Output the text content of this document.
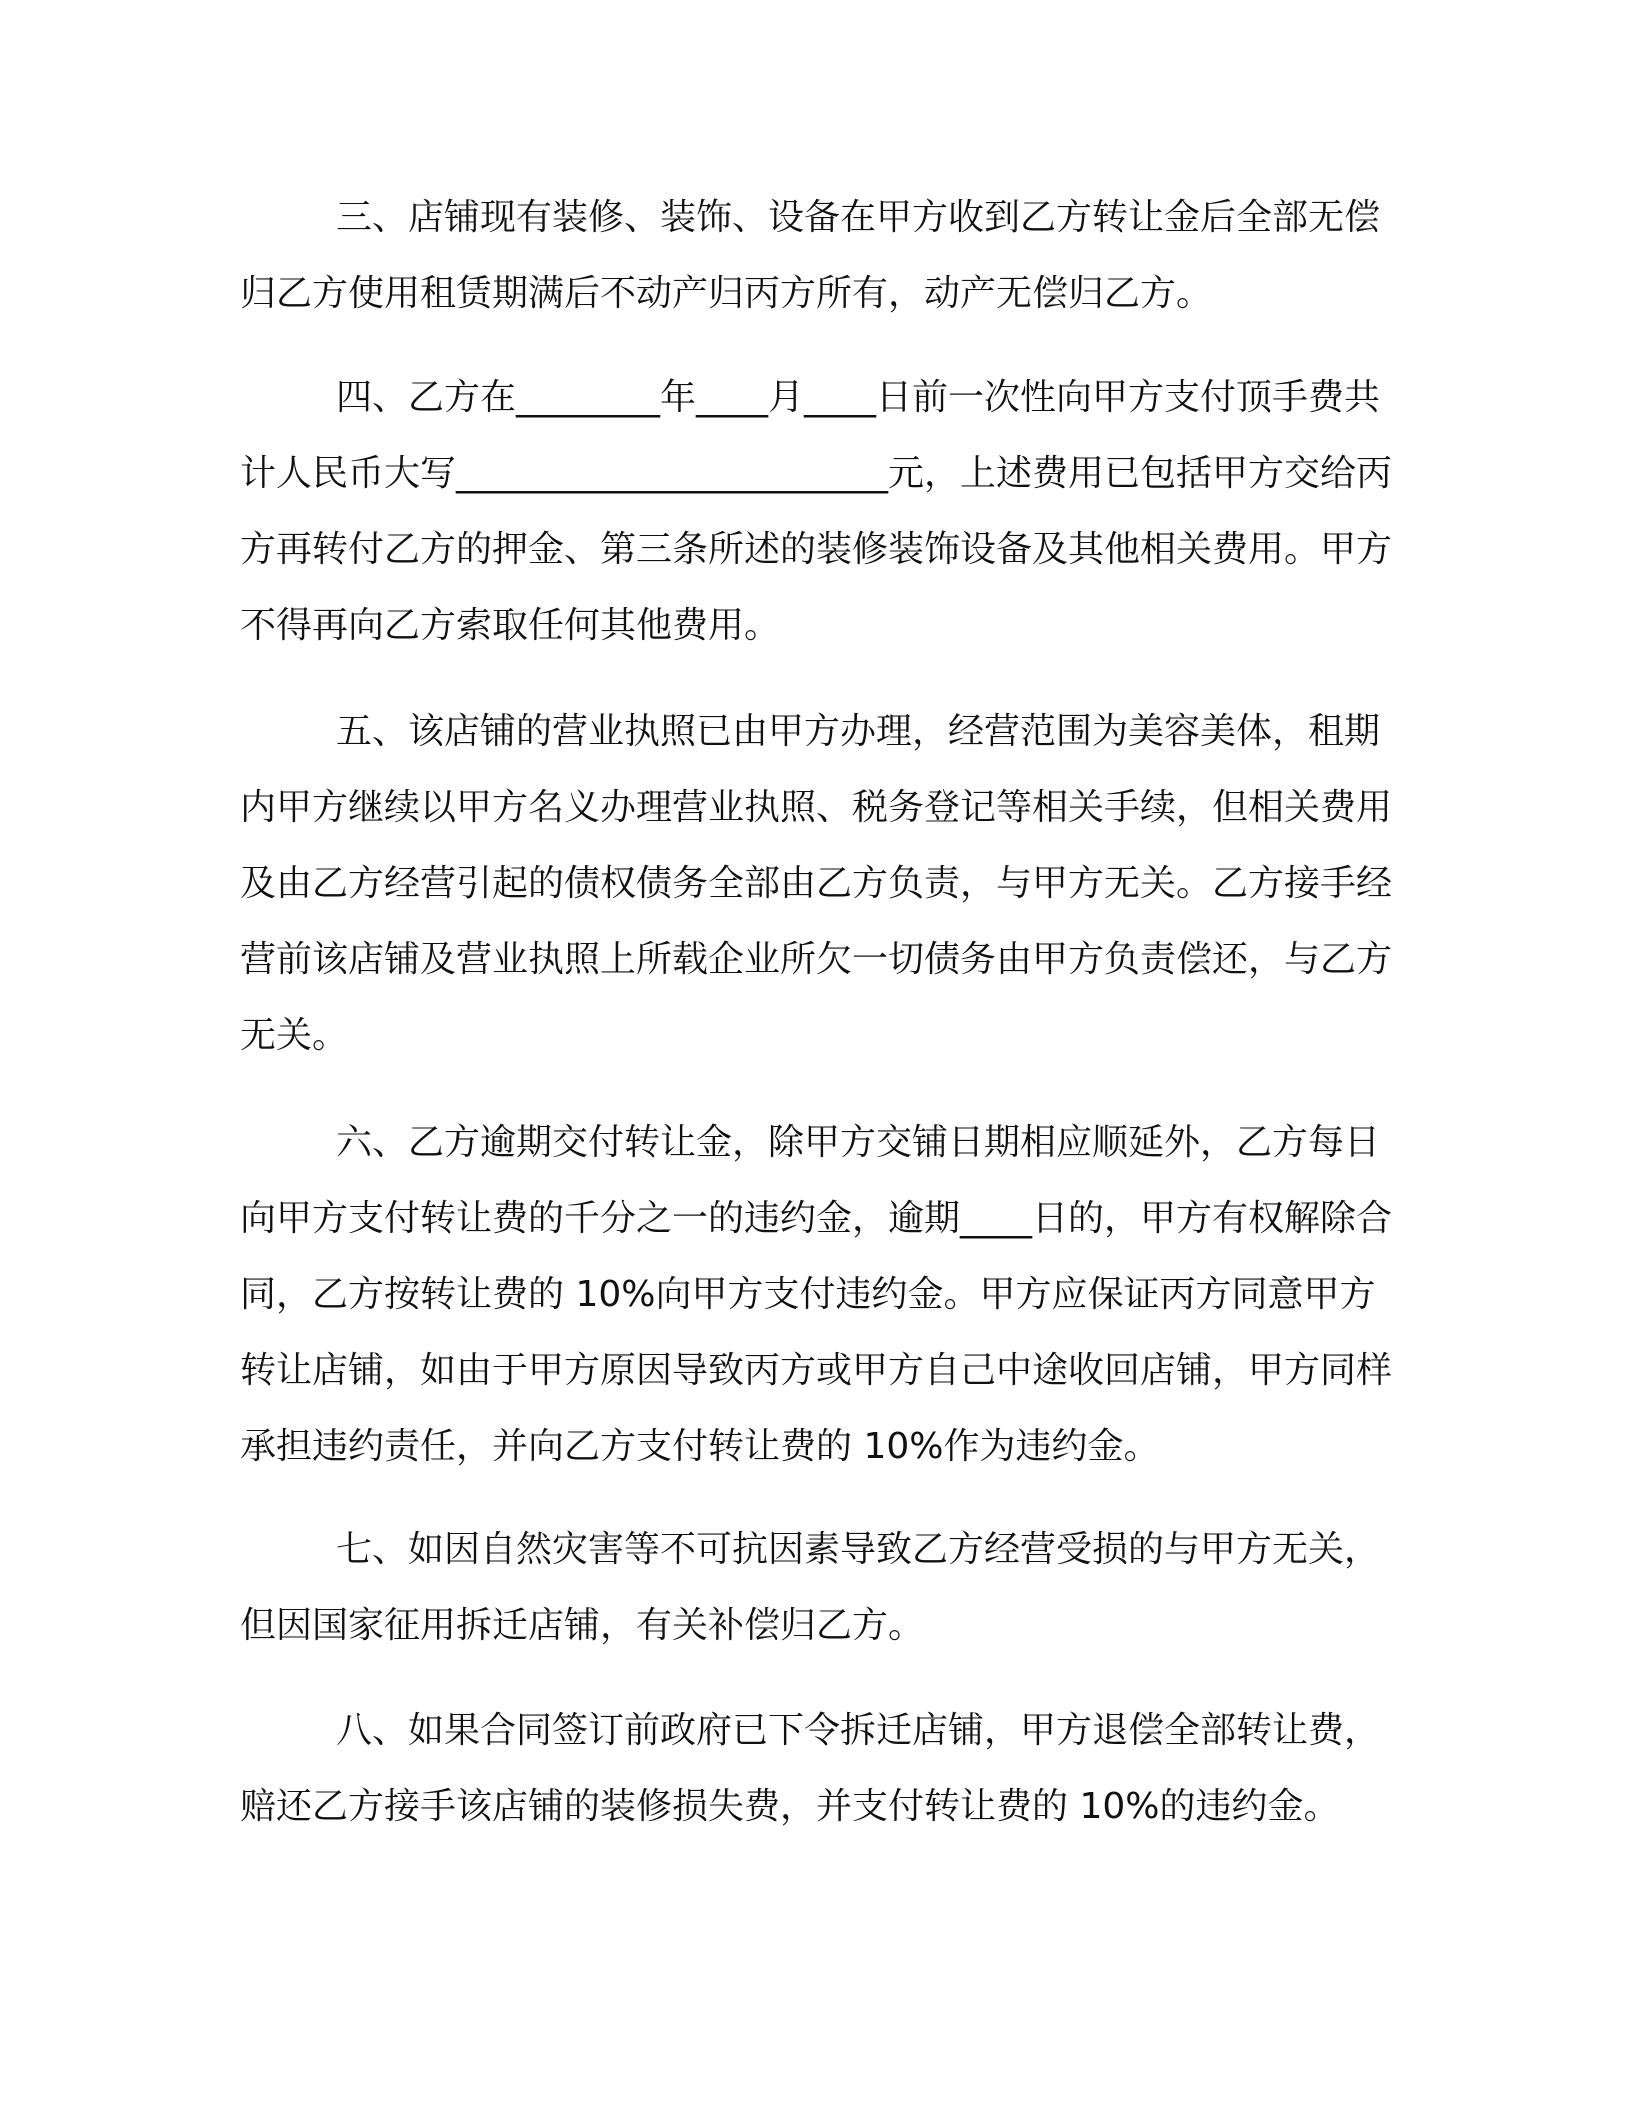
三、店铺现有装修、装饰、设备在甲方收到乙方转让金后全部无偿归乙方使用租赁期满后不动产归丙方所有，动产无偿归乙方。

四、乙方在________年____月____日前一次性向甲方支付顶手费共计人民币大写________________________元，上述费用已包括甲方交给丙方再转付乙方的押金、第三条所述的装修装饰设备及其他相关费用。甲方不得再向乙方索取任何其他费用。

五、该店铺的营业执照已由甲方办理，经营范围为美容美体，租期内甲方继续以甲方名义办理营业执照、税务登记等相关手续，但相关费用及由乙方经营引起的债权债务全部由乙方负责，与甲方无关。乙方接手经营前该店铺及营业执照上所载企业所欠一切债务由甲方负责偿还，与乙方无关。

六、乙方逾期交付转让金，除甲方交铺日期相应顺延外，乙方每日向甲方支付转让费的千分之一的违约金，逾期____日的，甲方有权解除合同，乙方按转让费的 10%向甲方支付违约金。甲方应保证丙方同意甲方转让店铺，如由于甲方原因导致丙方或甲方自己中途收回店铺，甲方同样承担违约责任，并向乙方支付转让费的 10%作为违约金。

七、如因自然灾害等不可抗因素导致乙方经营受损的与甲方无关，但因国家征用拆迁店铺，有关补偿归乙方。

八、如果合同签订前政府已下令拆迁店铺，甲方退偿全部转让费，赔还乙方接手该店铺的装修损失费，并支付转让费的 10%的违约金。
